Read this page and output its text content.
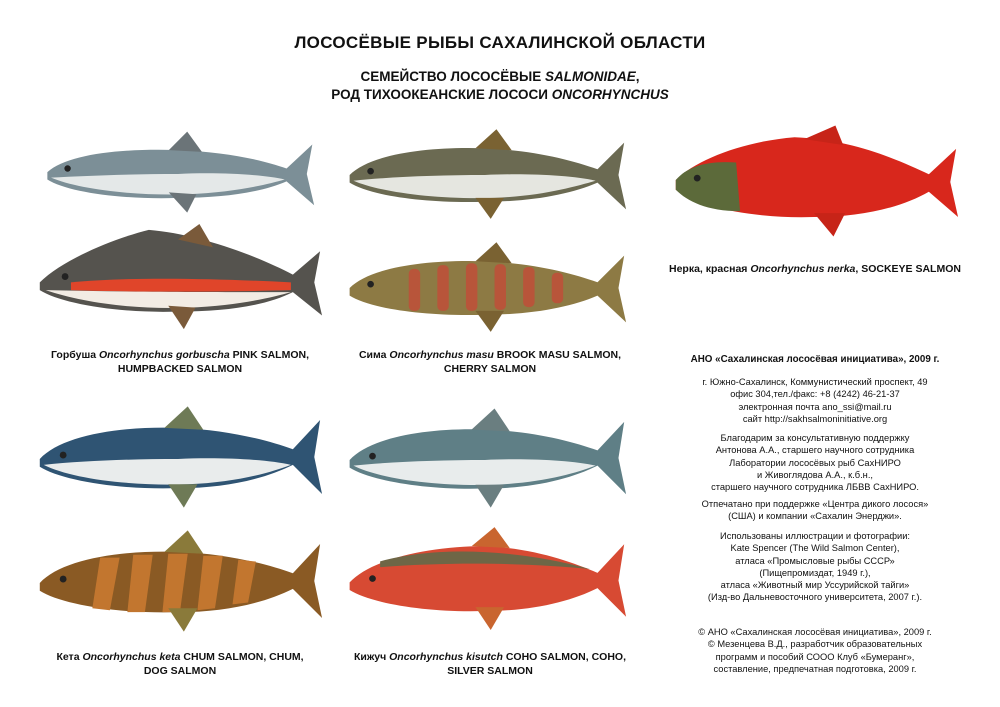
ЛОСОСЁВЫЕ РЫБЫ САХАЛИНСКОЙ ОБЛАСТИ
СЕМЕЙСТВО ЛОСОСЁВЫЕ SALMONIDAE,
РОД ТИХООКЕАНСКИЕ ЛОСОСИ ONCORHYNCHUS
Горбуша Oncorhynchus gorbuscha PINK SALMON,
HUMPBACKED SALMON
Сима Oncorhynchus masu BROOK MASU SALMON,
CHERRY SALMON
Нерка, красная Oncorhynchus nerka, SOCKEYE SALMON
Кета Oncorhynchus keta CHUM SALMON, CHUM,
DOG SALMON
Кижуч Oncorhynchus kisutch COHO SALMON, COHO,
SILVER SALMON
АНО «Сахалинская лососёвая инициатива», 2009 г.
г. Южно-Сахалинск, Коммунистический проспект, 49
офис 304,тел./факс: +8 (4242) 46-21-37
электронная почта ano_ssi@mail.ru
сайт http://sakhsalmoninitiative.org
Благодарим за консультативную поддержку
Антонова А.А., старшего научного сотрудника
Лаборатории лососёвых рыб СахНИРО
и Живоглядова А.А., к.б.н.,
старшего научного сотрудника ЛБВВ СахНИРО.
Отпечатано при поддержке «Центра дикого лосося»
(США) и компании «Сахалин Энерджи».
Использованы иллюстрации и фотографии:
Kate Spencer (The Wild Salmon Center),
атласа «Промысловые рыбы СССР»
(Пищепромиздат, 1949 г.),
атласа «Животный мир Уссурийской тайги»
(Изд-во Дальневосточного университета, 2007 г.).
© АНО «Сахалинская лососёвая инициатива», 2009 г.
© Мезенцева В.Д., разработчик образовательных
программ и пособий СООО Клуб «Бумеранг»,
составление, предпечатная подготовка, 2009 г.
